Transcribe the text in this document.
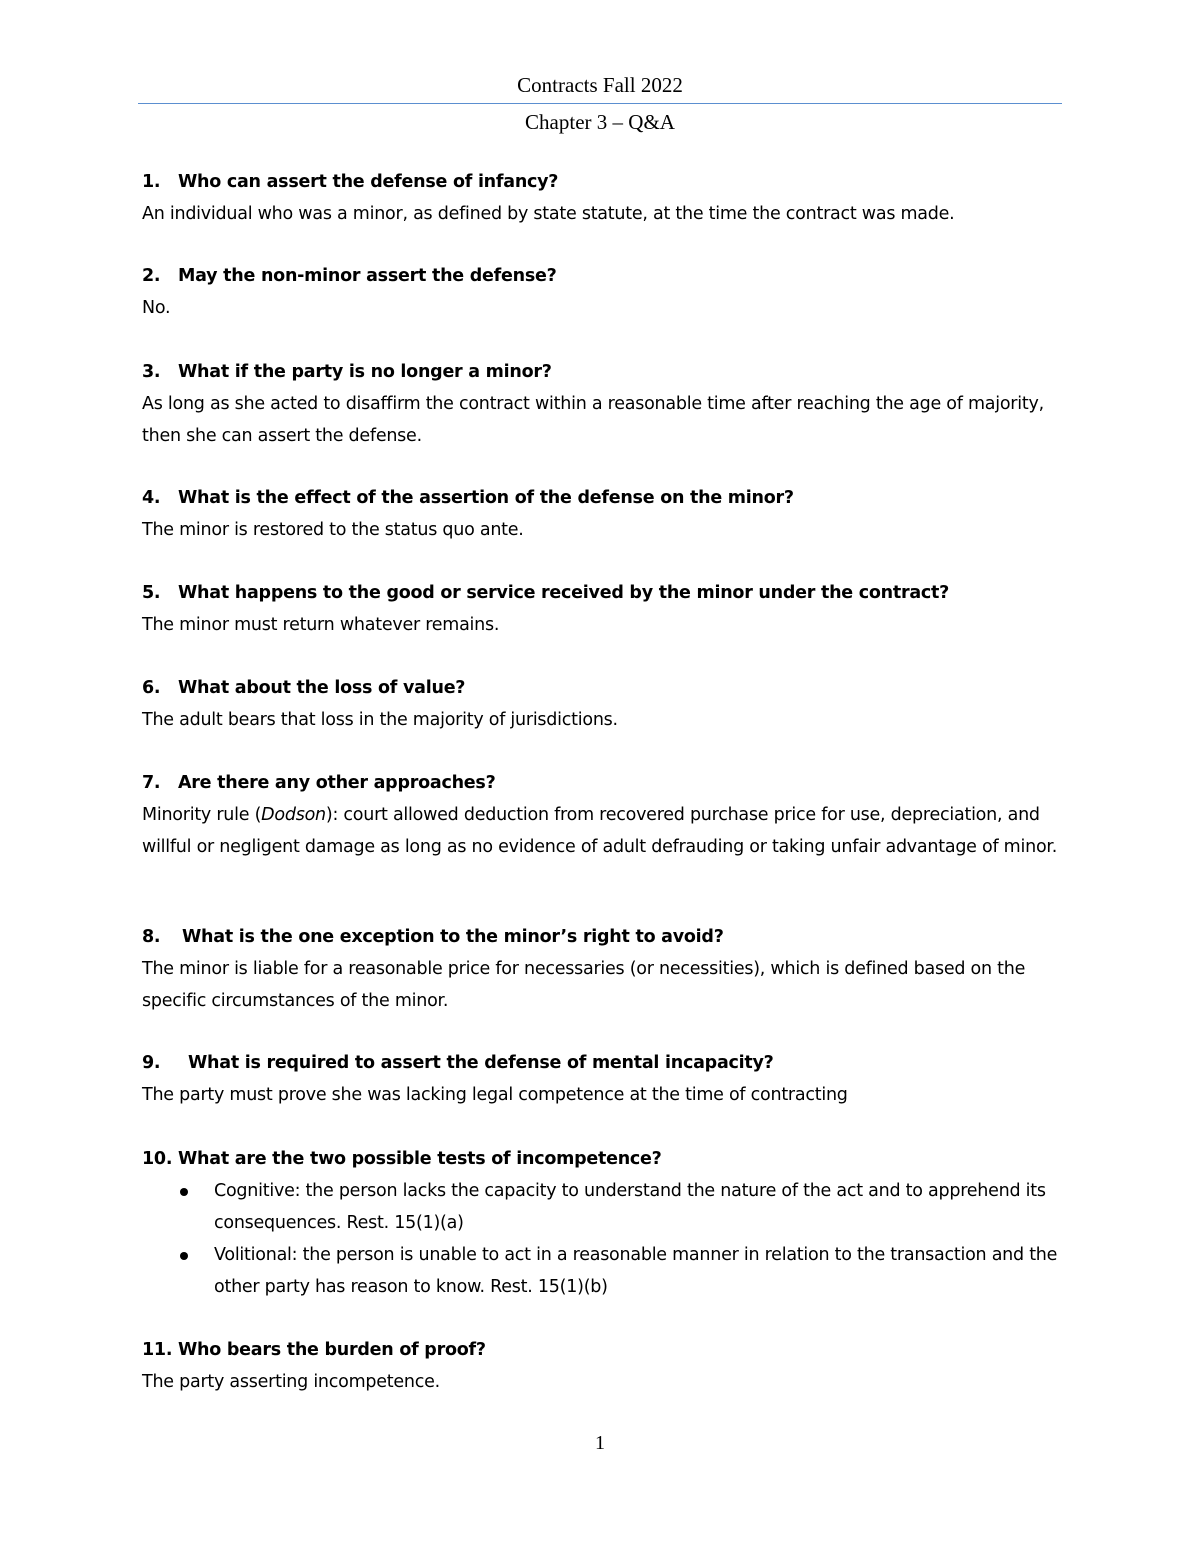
Contracts Fall 2022
Chapter 3 – Q&A
1. Who can assert the defense of infancy?
An individual who was a minor, as defined by state statute, at the time the contract was made.
2. May the non-minor assert the defense?
No.
3. What if the party is no longer a minor?
As long as she acted to disaffirm the contract within a reasonable time after reaching the age of majority, then she can assert the defense.
4. What is the effect of the assertion of the defense on the minor?
The minor is restored to the status quo ante.
5. What happens to the good or service received by the minor under the contract?
The minor must return whatever remains.
6. What about the loss of value?
The adult bears that loss in the majority of jurisdictions.
7. Are there any other approaches?
Minority rule (Dodson): court allowed deduction from recovered purchase price for use, depreciation, and willful or negligent damage as long as no evidence of adult defrauding or taking unfair advantage of minor.
8. What is the one exception to the minor’s right to avoid?
The minor is liable for a reasonable price for necessaries (or necessities), which is defined based on the specific circumstances of the minor.
9. What is required to assert the defense of mental incapacity?
The party must prove she was lacking legal competence at the time of contracting
10. What are the two possible tests of incompetence?
Cognitive: the person lacks the capacity to understand the nature of the act and to apprehend its consequences. Rest. 15(1)(a)
Volitional: the person is unable to act in a reasonable manner in relation to the transaction and the other party has reason to know. Rest. 15(1)(b)
11. Who bears the burden of proof?
The party asserting incompetence.
1
